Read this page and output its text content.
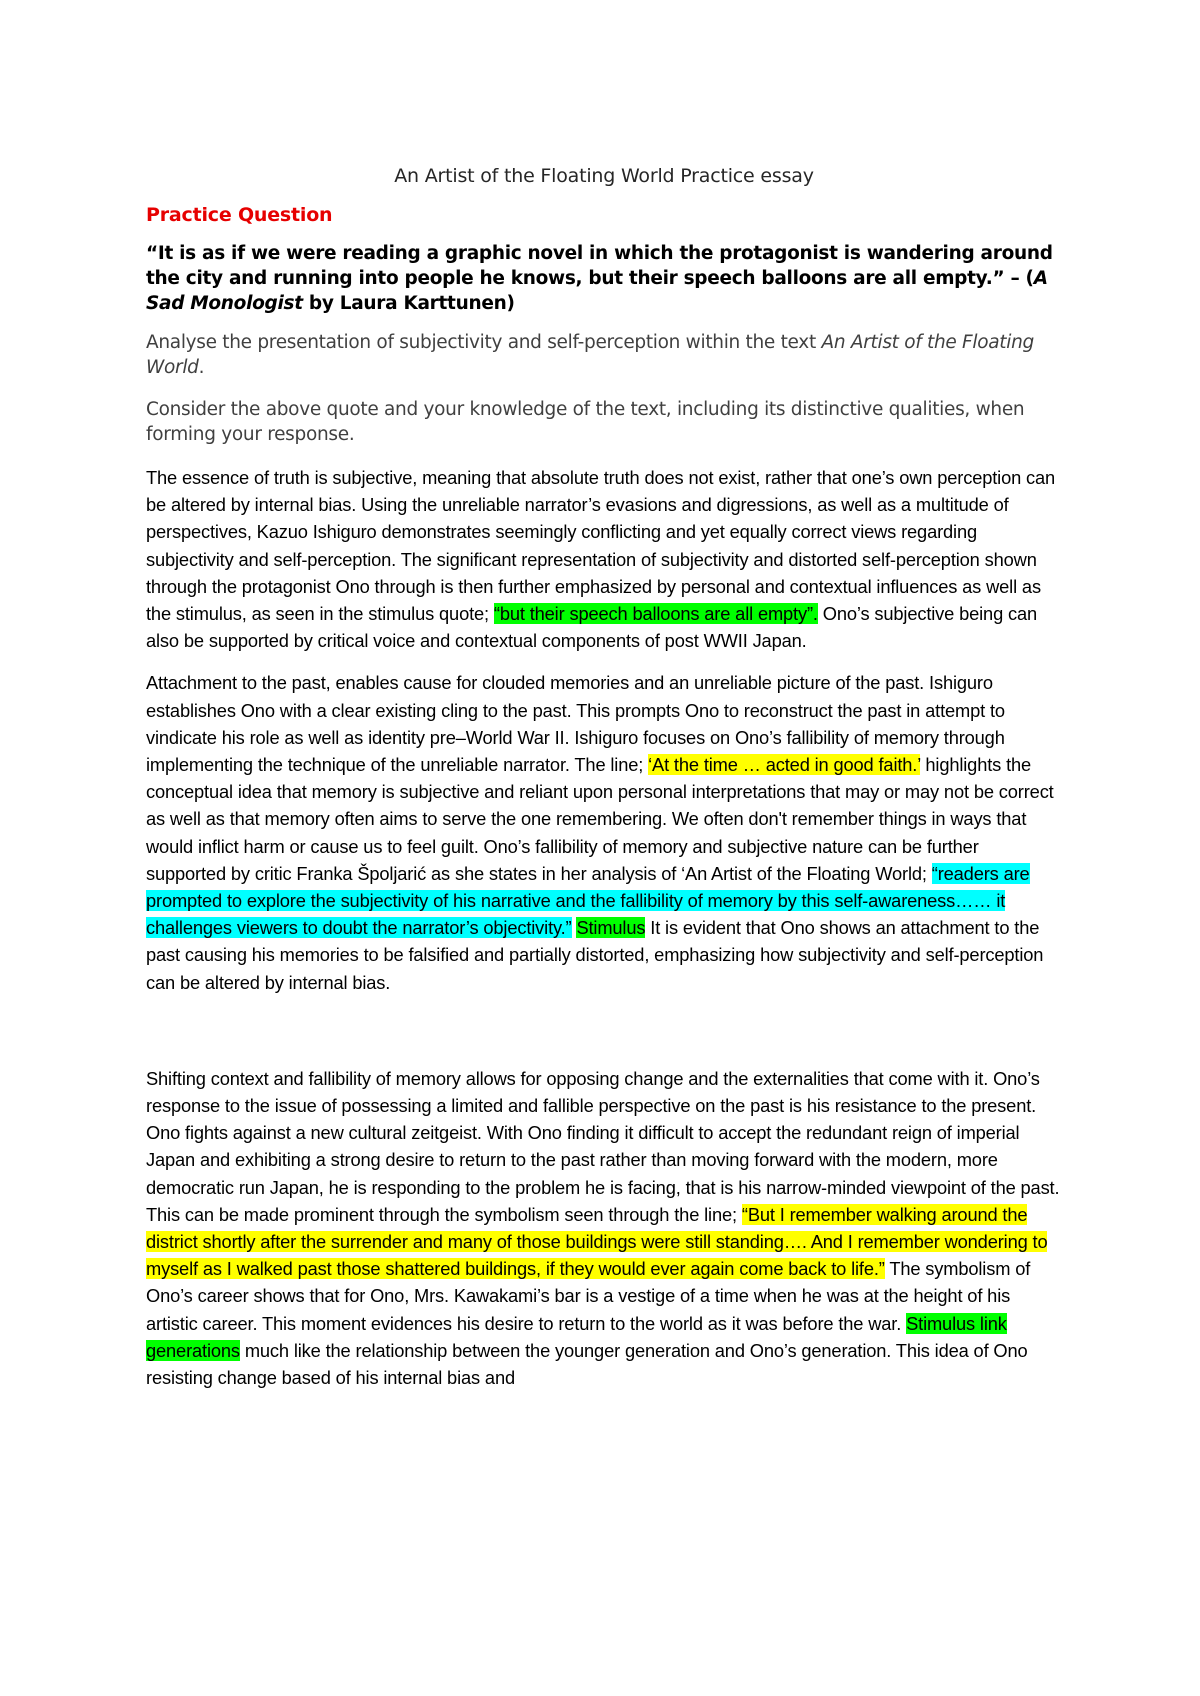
An Artist of the Floating World Practice essay
Practice Question
“It is as if we were reading a graphic novel in which the protagonist is wandering around the city and running into people he knows, but their speech balloons are all empty.” – (A Sad Monologist by Laura Karttunen)
Analyse the presentation of subjectivity and self-perception within the text An Artist of the Floating World.
Consider the above quote and your knowledge of the text, including its distinctive qualities, when forming your response.
The essence of truth is subjective, meaning that absolute truth does not exist, rather that one’s own perception can be altered by internal bias. Using the unreliable narrator’s evasions and digressions, as well as a multitude of perspectives, Kazuo Ishiguro demonstrates seemingly conflicting and yet equally correct views regarding subjectivity and self-perception. The significant representation of subjectivity and distorted self-perception shown through the protagonist Ono through is then further emphasized by personal and contextual influences as well as the stimulus, as seen in the stimulus quote; “but their speech balloons are all empty”. Ono’s subjective being can also be supported by critical voice and contextual components of post WWII Japan.
Attachment to the past, enables cause for clouded memories and an unreliable picture of the past. Ishiguro establishes Ono with a clear existing cling to the past. This prompts Ono to reconstruct the past in attempt to vindicate his role as well as identity pre–World War II. Ishiguro focuses on Ono’s fallibility of memory through implementing the technique of the unreliable narrator. The line; ‘At the time … acted in good faith.’ highlights the conceptual idea that memory is subjective and reliant upon personal interpretations that may or may not be correct as well as that memory often aims to serve the one remembering. We often don't remember things in ways that would inflict harm or cause us to feel guilt. Ono’s fallibility of memory and subjective nature can be further supported by critic Franka Špoljarić as she states in her analysis of ‘An Artist of the Floating World; “readers are prompted to explore the subjectivity of his narrative and the fallibility of memory by this self-awareness…… it challenges viewers to doubt the narrator’s objectivity.” Stimulus It is evident that Ono shows an attachment to the past causing his memories to be falsified and partially distorted, emphasizing how subjectivity and self-perception can be altered by internal bias.
Shifting context and fallibility of memory allows for opposing change and the externalities that come with it. Ono’s response to the issue of possessing a limited and fallible perspective on the past is his resistance to the present. Ono fights against a new cultural zeitgeist. With Ono finding it difficult to accept the redundant reign of imperial Japan and exhibiting a strong desire to return to the past rather than moving forward with the modern, more democratic run Japan, he is responding to the problem he is facing, that is his narrow-minded viewpoint of the past. This can be made prominent through the symbolism seen through the line; “But I remember walking around the district shortly after the surrender and many of those buildings were still standing…. And I remember wondering to myself as I walked past those shattered buildings, if they would ever again come back to life.” The symbolism of Ono’s career shows that for Ono, Mrs. Kawakami’s bar is a vestige of a time when he was at the height of his artistic career. This moment evidences his desire to return to the world as it was before the war. Stimulus link generations much like the relationship between the younger generation and Ono’s generation. This idea of Ono resisting change based of his internal bias and
